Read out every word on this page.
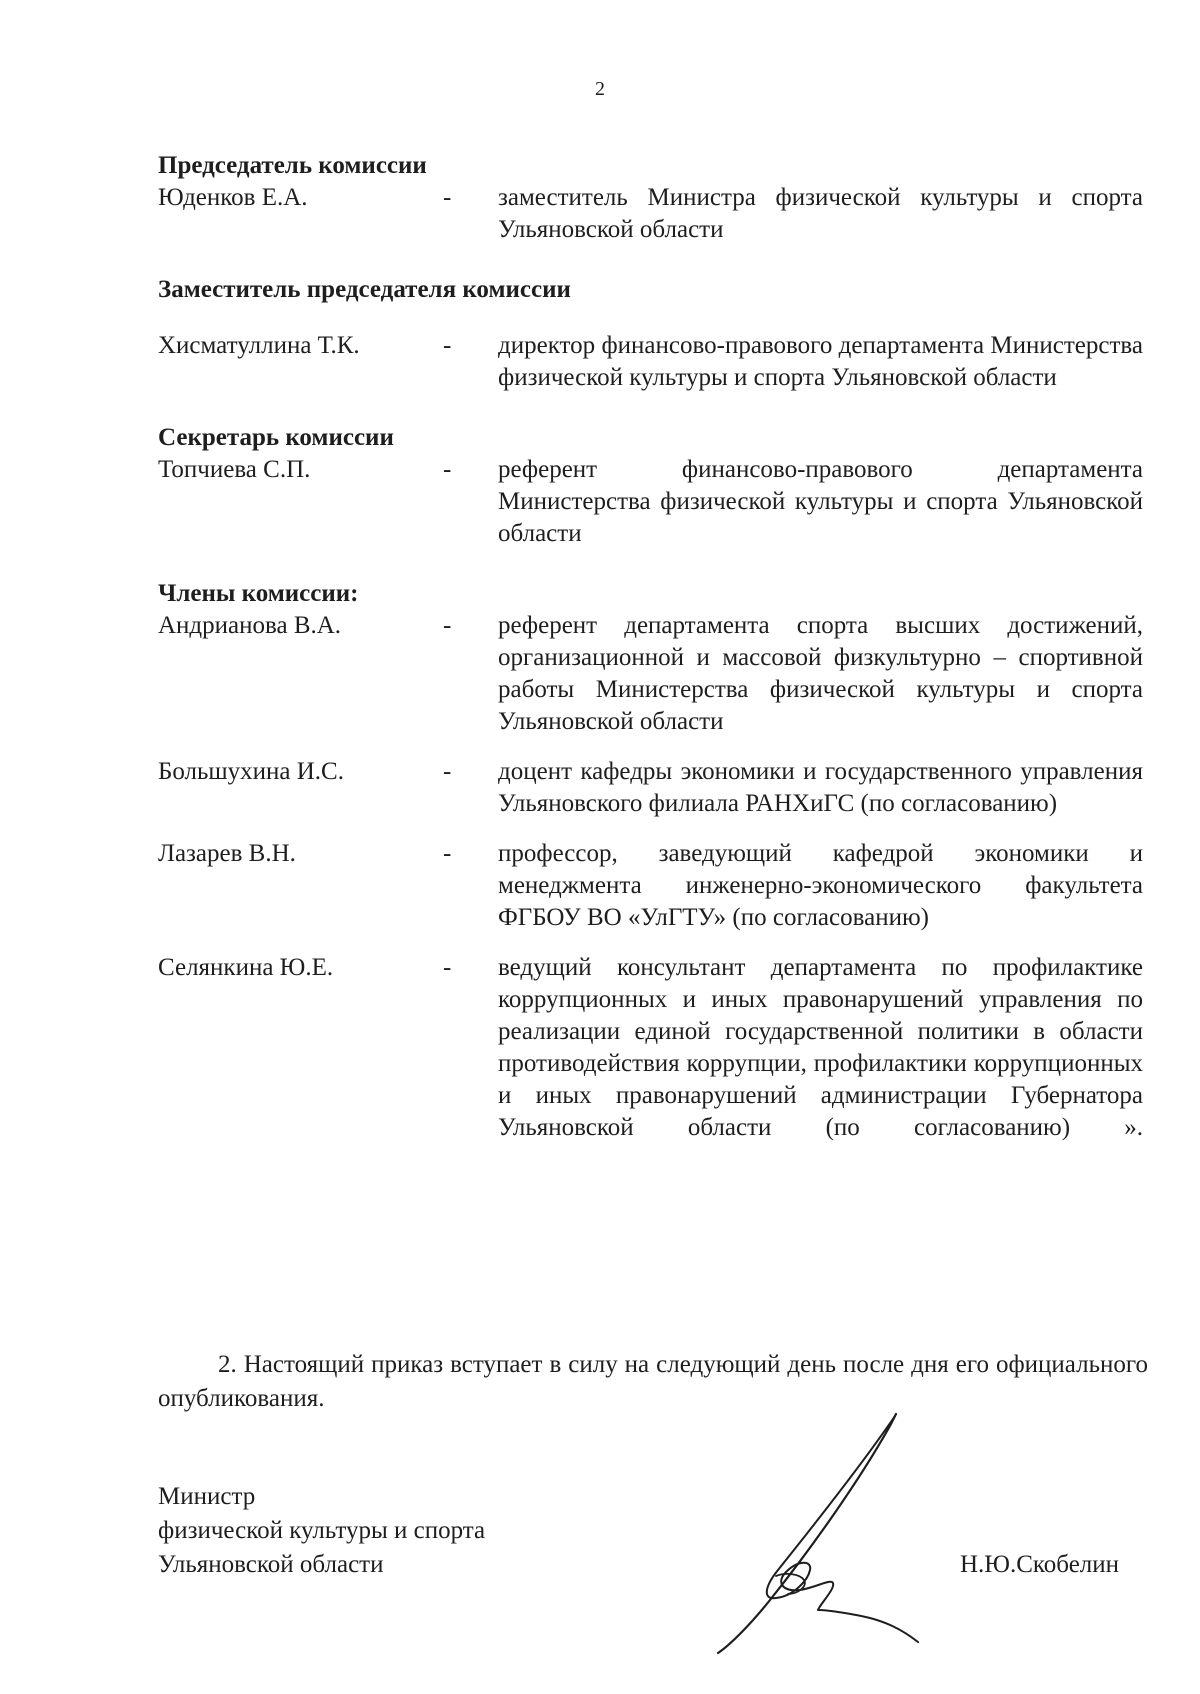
2

Председатель комиссии

Юденков Е.А.	-	заместитель Министра физической культуры и спорта Ульяновской области

Заместитель председателя комиссии

Хисматуллина Т.К.	-	директор финансово-правового департамента Министерства физической культуры и спорта Ульяновской области

Секретарь комиссии

Топчиева С.П.	-	референт финансово-правового департамента Министерства физической культуры и спорта Ульяновской области

Члены комиссии:

Андрианова В.А.	-	референт департамента спорта высших достижений, организационной и массовой физкультурно – спортивной работы Министерства физической культуры и спорта Ульяновской области
Большухина И.С.	-	доцент кафедры экономики и государственного управления Ульяновского филиала РАНХиГС (по согласованию)
Лазарев В.Н.	-	профессор, заведующий кафедрой экономики и менеджмента инженерно-экономического факультета ФГБОУ ВО «УлГТУ» (по согласованию)
Селянкина Ю.Е.	-	ведущий консультант департамента по профилактике коррупционных и иных правонарушений управления по реализации единой государственной политики в области противодействия коррупции, профилактики коррупционных и иных правонарушений администрации Губернатора Ульяновской области (по согласованию) ».
2. Настоящий приказ вступает в силу на следующий день после дня его официального опубликования.
Министр
физической культуры и спорта
Ульяновской области	Н.Ю.Скобелин
